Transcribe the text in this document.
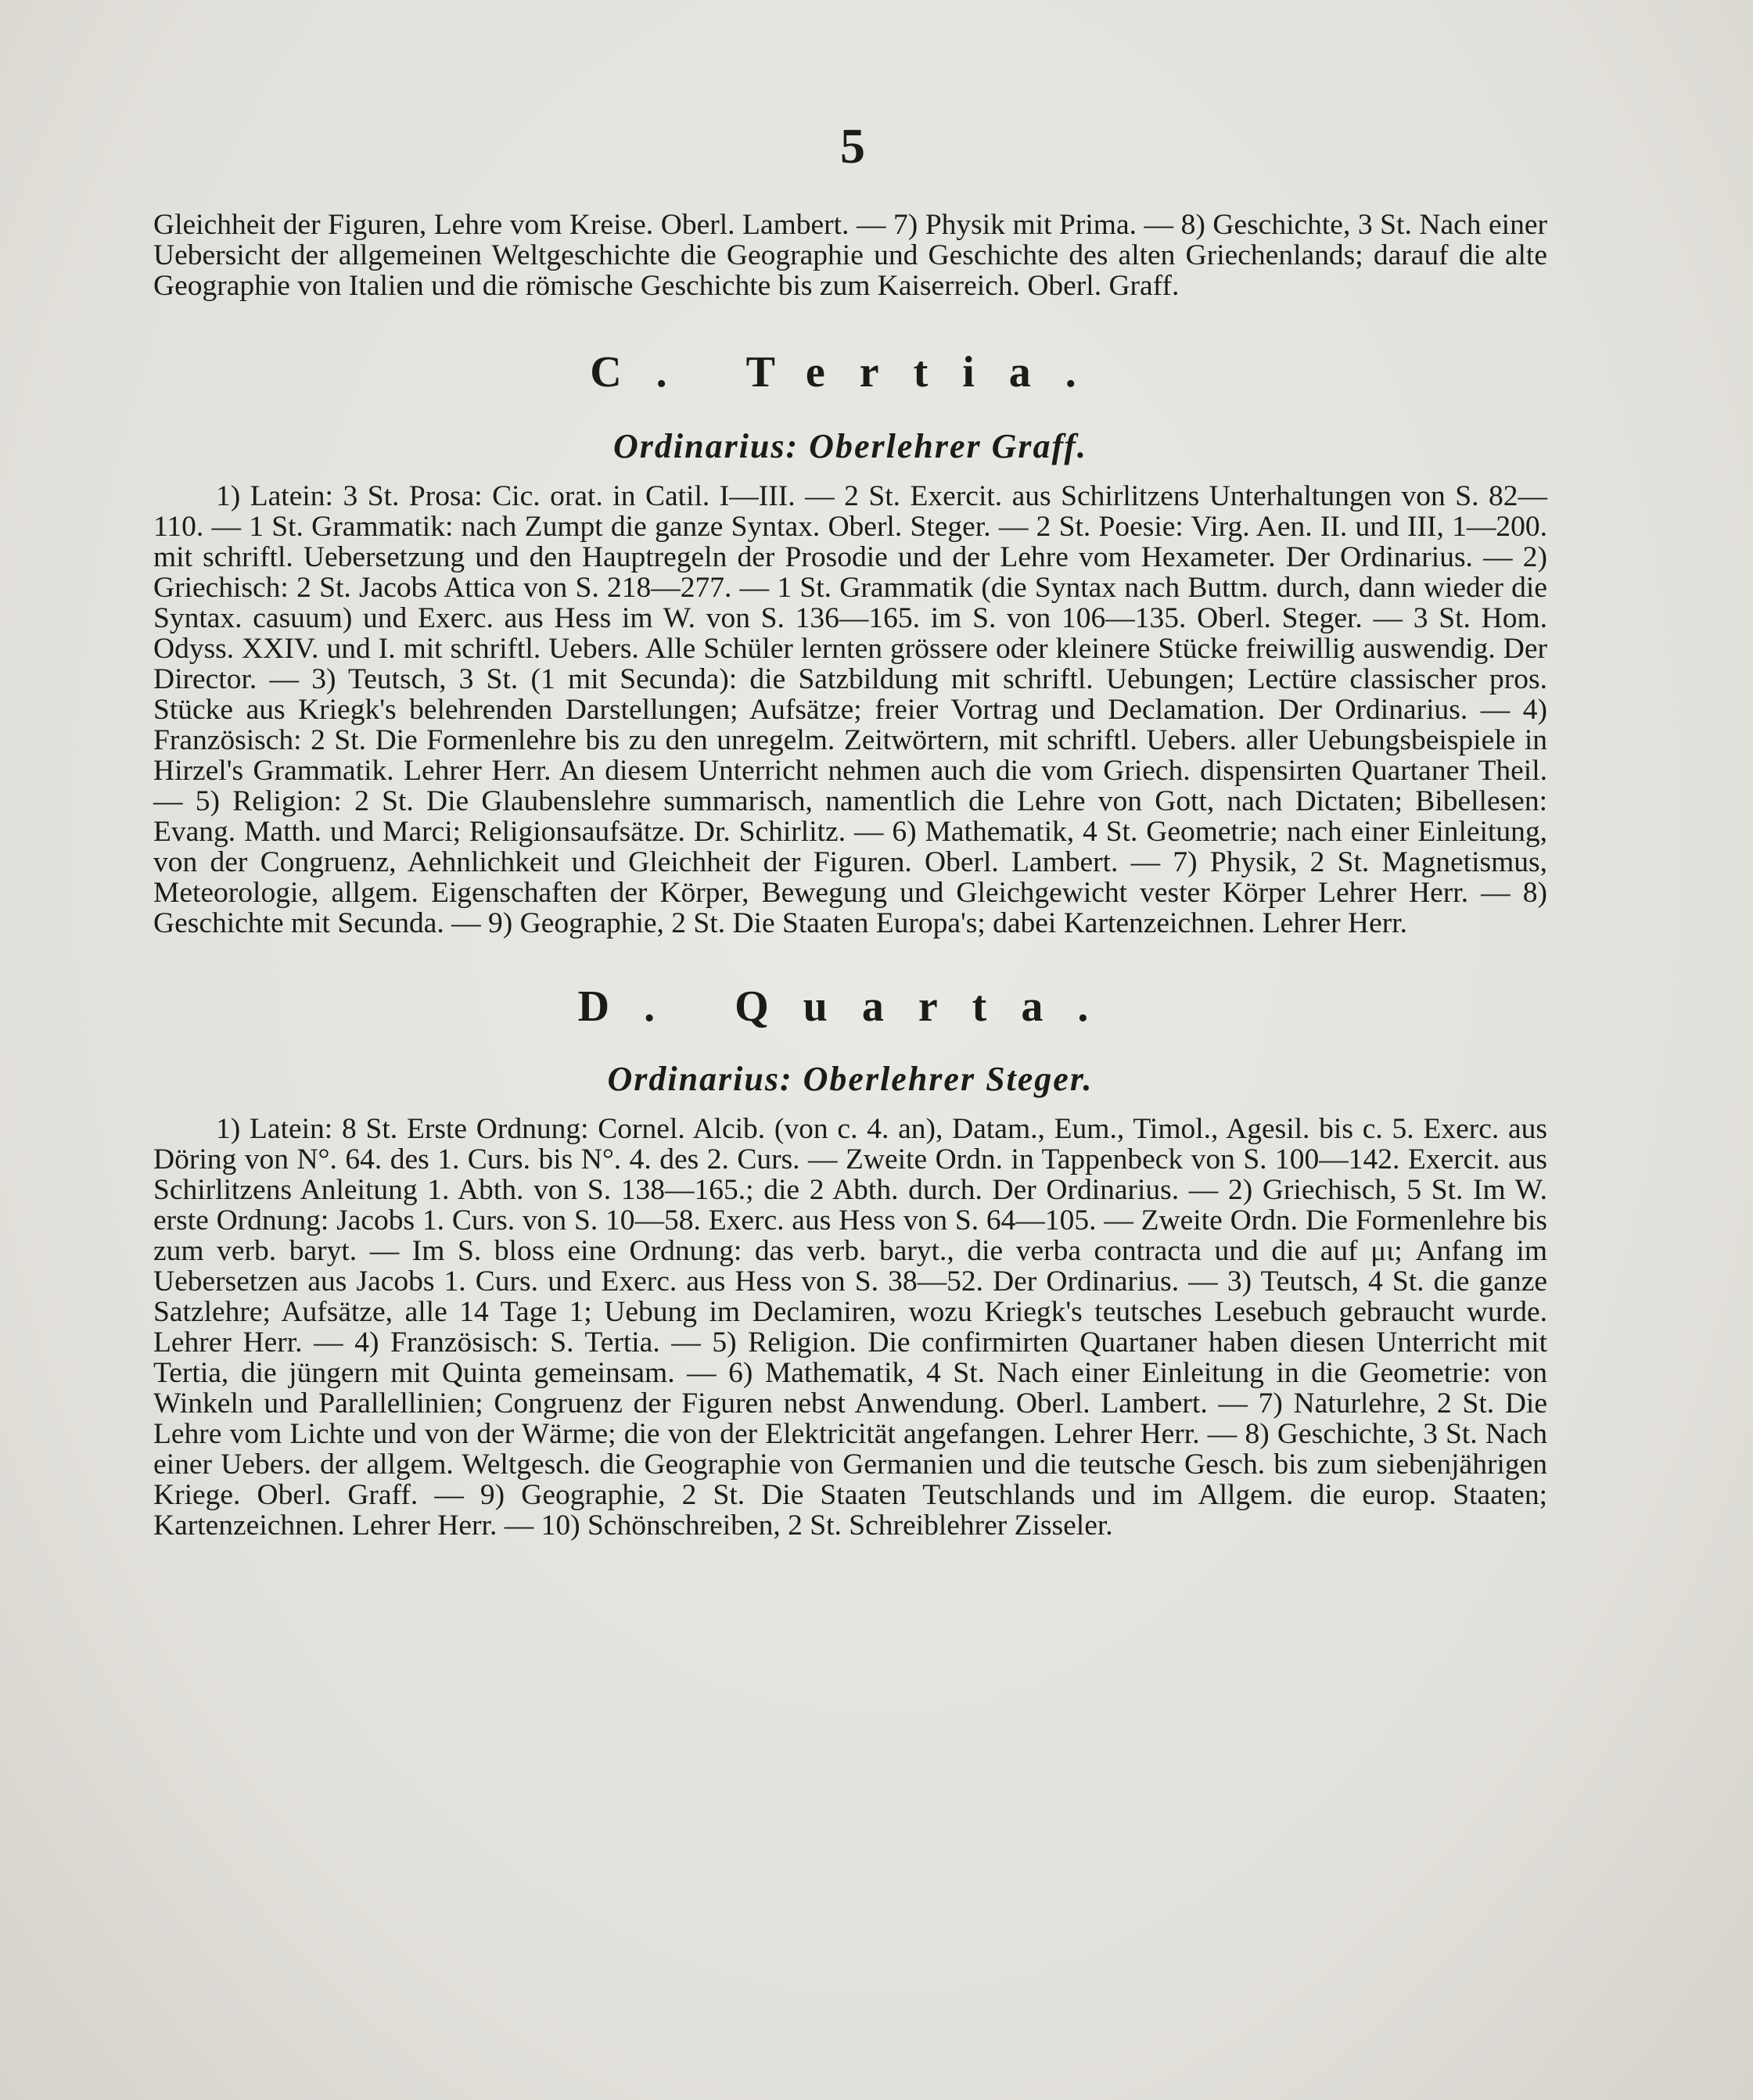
5

Gleichheit der Figuren, Lehre vom Kreise. Oberl. Lambert. — 7) Physik mit Prima. — 8) Geschichte, 3 St. Nach einer Uebersicht der allgemeinen Weltgeschichte die Geographie und Geschichte des alten Griechenlands; darauf die alte Geographie von Italien und die römische Geschichte bis zum Kaiserreich. Oberl. Graff.

C. Tertia.
Ordinarius: Oberlehrer Graff.

1) Latein: 3 St. Prosa: Cic. orat. in Catil. I—III. — 2 St. Exercit. aus Schirlitzens Unterhaltungen von S. 82—110. — 1 St. Grammatik: nach Zumpt die ganze Syntax. Oberl. Steger. — 2 St. Poesie: Virg. Aen. II. und III, 1—200. mit schriftl. Uebersetzung und den Hauptregeln der Prosodie und der Lehre vom Hexameter. Der Ordinarius. — 2) Griechisch: 2 St. Jacobs Attica von S. 218—277. — 1 St. Grammatik (die Syntax nach Buttm. durch, dann wieder die Syntax. casuum) und Exerc. aus Hess im W. von S. 136—165. im S. von 106—135. Oberl. Steger. — 3 St. Hom. Odyss. XXIV. und I. mit schriftl. Uebers. Alle Schüler lernten grössere oder kleinere Stücke freiwillig auswendig. Der Director. — 3) Teutsch, 3 St. (1 mit Secunda): die Satzbildung mit schriftl. Uebungen; Lectüre classischer pros. Stücke aus Kriegk's belehrenden Darstellungen; Aufsätze; freier Vortrag und Declamation. Der Ordinarius. — 4) Französisch: 2 St. Die Formenlehre bis zu den unregelm. Zeitwörtern, mit schriftl. Uebers. aller Uebungsbeispiele in Hirzel's Grammatik. Lehrer Herr. An diesem Unterricht nehmen auch die vom Griech. dispensirten Quartaner Theil. — 5) Religion: 2 St. Die Glaubenslehre summarisch, namentlich die Lehre von Gott, nach Dictaten; Bibellesen: Evang. Matth. und Marci; Religionsaufsätze. Dr. Schirlitz. — 6) Mathematik, 4 St. Geometrie; nach einer Einleitung, von der Congruenz, Aehnlichkeit und Gleichheit der Figuren. Oberl. Lambert. — 7) Physik, 2 St. Magnetismus, Meteorologie, allgem. Eigenschaften der Körper, Bewegung und Gleichgewicht vester Körper Lehrer Herr. — 8) Geschichte mit Secunda. — 9) Geographie, 2 St. Die Staaten Europa's; dabei Kartenzeichnen. Lehrer Herr.

D. Quarta.
Ordinarius: Oberlehrer Steger.

1) Latein: 8 St. Erste Ordnung: Cornel. Alcib. (von c. 4. an), Datam., Eum., Timol., Agesil. bis c. 5. Exerc. aus Döring von N°. 64. des 1. Curs. bis N°. 4. des 2. Curs. — Zweite Ordn. in Tappenbeck von S. 100—142. Exercit. aus Schirlitzens Anleitung 1. Abth. von S. 138—165.; die 2 Abth. durch. Der Ordinarius. — 2) Griechisch, 5 St. Im W. erste Ordnung: Jacobs 1. Curs. von S. 10—58. Exerc. aus Hess von S. 64—105. — Zweite Ordn. Die Formenlehre bis zum verb. baryt. — Im S. bloss eine Ordnung: das verb. baryt., die verba contracta und die auf μι; Anfang im Uebersetzen aus Jacobs 1. Curs. und Exerc. aus Hess von S. 38—52. Der Ordinarius. — 3) Teutsch, 4 St. die ganze Satzlehre; Aufsätze, alle 14 Tage 1; Uebung im Declamiren, wozu Kriegk's teutsches Lesebuch gebraucht wurde. Lehrer Herr. — 4) Französisch: S. Tertia. — 5) Religion. Die confirmirten Quartaner haben diesen Unterricht mit Tertia, die jüngern mit Quinta gemeinsam. — 6) Mathematik, 4 St. Nach einer Einleitung in die Geometrie: von Winkeln und Parallellinien; Congruenz der Figuren nebst Anwendung. Oberl. Lambert. — 7) Naturlehre, 2 St. Die Lehre vom Lichte und von der Wärme; die von der Elektricität angefangen. Lehrer Herr. — 8) Geschichte, 3 St. Nach einer Uebers. der allgem. Weltgesch. die Geographie von Germanien und die teutsche Gesch. bis zum siebenjährigen Kriege. Oberl. Graff. — 9) Geographie, 2 St. Die Staaten Teutschlands und im Allgem. die europ. Staaten; Kartenzeichnen. Lehrer Herr. — 10) Schönschreiben, 2 St. Schreiblehrer Zisseler.
